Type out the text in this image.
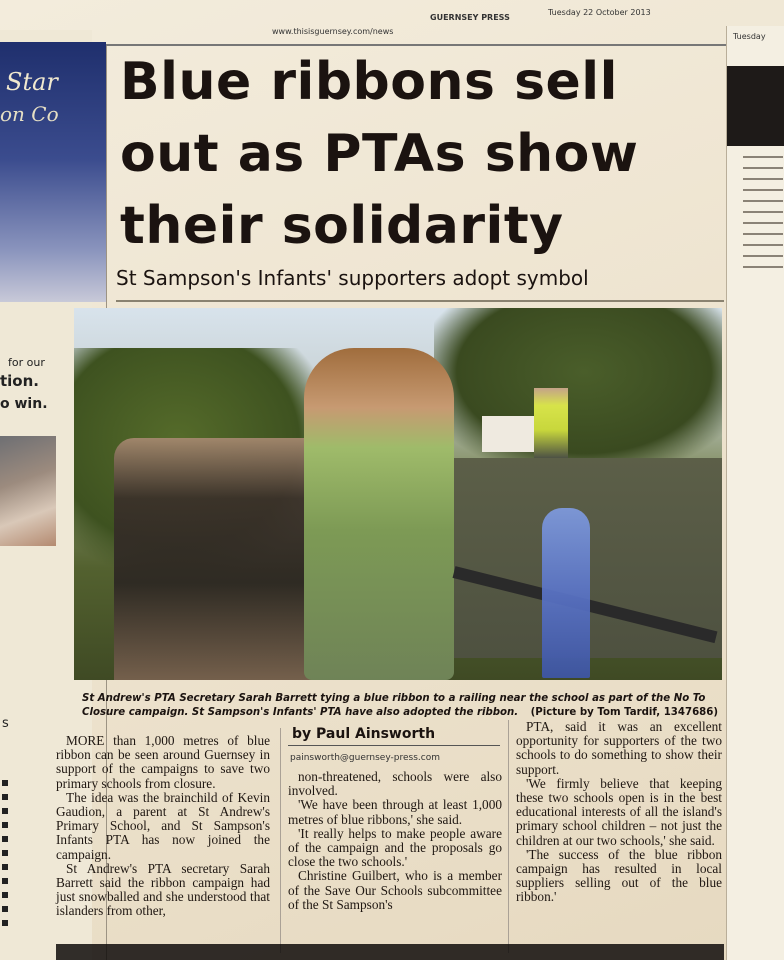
Star
on Co
for our
tion.
o win.
s
Tuesday
www.thisisguernsey.com/news
GUERNSEY PRESS
Tuesday 22 October 2013
Blue ribbons sell out as PTAs show their solidarity
St Sampson's Infants' supporters adopt symbol
St Andrew's PTA Secretary Sarah Barrett tying a blue ribbon to a railing near the school as part of the No To Closure campaign. St Sampson's Infants' PTA have also adopted the ribbon. (Picture by Tom Tardif, 1347686)
by Paul Ainsworth
painsworth@guernsey-press.com

MORE than 1,000 metres of blue ribbon can be seen around Guernsey in support of the campaigns to save two primary schools from closure.

The idea was the brainchild of Kevin Gaudion, a parent at St Andrew's Primary School, and St Sampson's Infants PTA has now joined the campaign.

St Andrew's PTA secretary Sarah Barrett said the ribbon campaign had just snowballed and she understood that islanders from other,

non-threatened, schools were also involved.

'We have been through at least 1,000 metres of blue ribbons,' she said.

'It really helps to make people aware of the campaign and the proposals go close the two schools.'

Christine Guilbert, who is a member of the Save Our Schools subcommittee of the St Sampson's

PTA, said it was an excellent opportunity for supporters of the two schools to do something to show their support.

'We firmly believe that keeping these two schools open is in the best educational interests of all the island's primary school children – not just the children at our two schools,' she said.

'The success of the blue ribbon campaign has resulted in local suppliers selling out of the blue ribbon.'
